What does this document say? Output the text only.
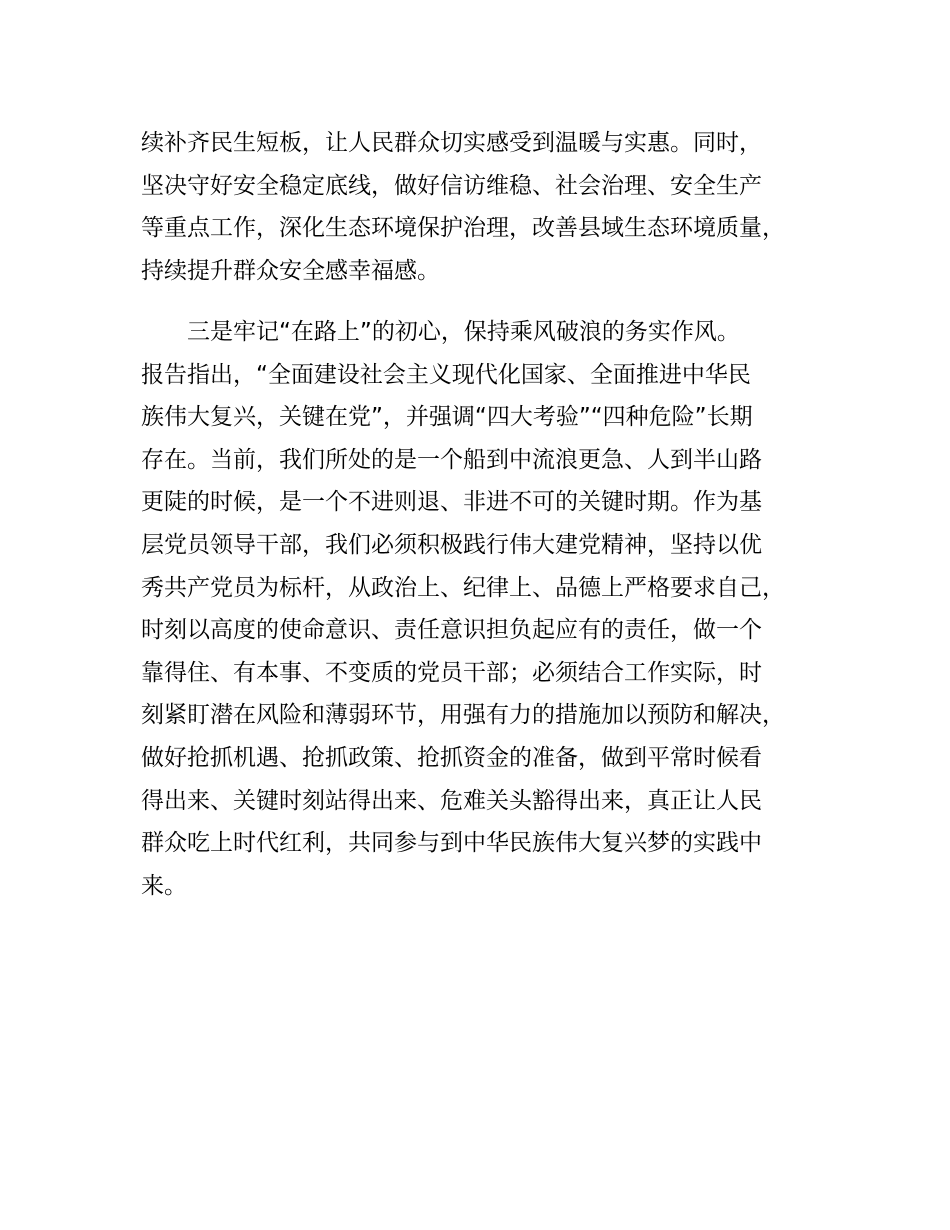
续补齐民生短板，让人民群众切实感受到温暖与实惠。同时，
坚决守好安全稳定底线，做好信访维稳、社会治理、安全生产
等重点工作，深化生态环境保护治理，改善县域生态环境质量，
持续提升群众安全感幸福感。
　　三是牢记“在路上”的初心，保持乘风破浪的务实作风。
报告指出，“全面建设社会主义现代化国家、全面推进中华民
族伟大复兴，关键在党”，并强调“四大考验”“四种危险”长期
存在。当前，我们所处的是一个船到中流浪更急、人到半山路
更陡的时候，是一个不进则退、非进不可的关键时期。作为基
层党员领导干部，我们必须积极践行伟大建党精神，坚持以优
秀共产党员为标杆，从政治上、纪律上、品德上严格要求自己，
时刻以高度的使命意识、责任意识担负起应有的责任，做一个
靠得住、有本事、不变质的党员干部；必须结合工作实际，时
刻紧盯潜在风险和薄弱环节，用强有力的措施加以预防和解决，
做好抢抓机遇、抢抓政策、抢抓资金的准备，做到平常时候看
得出来、关键时刻站得出来、危难关头豁得出来，真正让人民
群众吃上时代红利，共同参与到中华民族伟大复兴梦的实践中
来。
